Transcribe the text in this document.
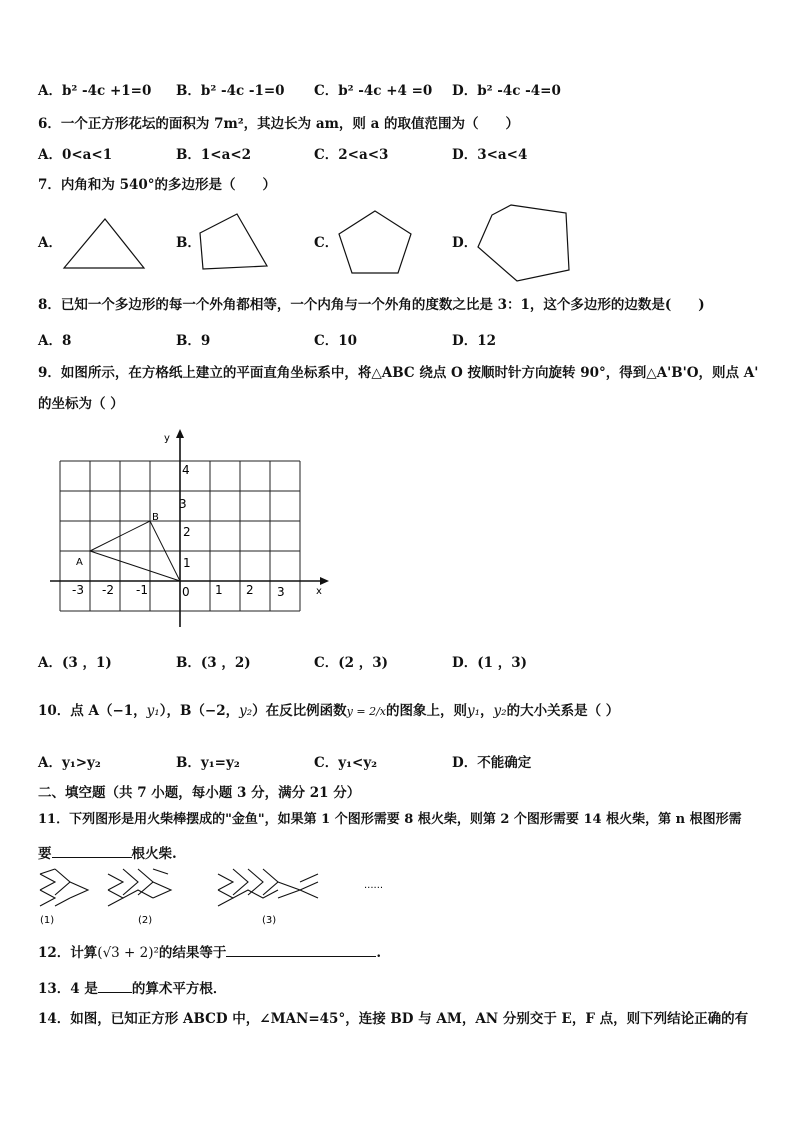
A．b² -4c +1=0 B．b² -4c -1=0 C．b² -4c +4 =0 D．b² -4c -4=0
6．一个正方形花坛的面积为 7m²，其边长为 am，则 a 的取值范围为（　　）
A．0<a<1	B．1<a<2	C．2<a<3	D．3<a<4
7．内角和为 540°的多边形是（　　）
A．	B．	C．	D．
8．已知一个多边形的每一个外角都相等，一个内角与一个外角的度数之比是 3：1，这个多边形的边数是(　　)
A．8	B．9	C．10	D．12
9．如图所示，在方格纸上建立的平面直角坐标系中，将△ABC 绕点 O 按顺时针方向旋转 90°，得到△A'B'O，则点 A'
的坐标为（ ）
x
y
-3 -2 -1	0 1 2 3
1
2
3
4
A
B
A．(3 ，1)	B．(3 ，2)	C．(2 ，3)	D．(1 ，3)
10．点 A（−1，y₁），B（−2，y₂）在反比例函数y = 2/x的图象上，则y₁，y₂的大小关系是（ ）
A．y₁>y₂	B．y₁=y₂	C．y₁<y₂	D．不能确定
二、填空题（共 7 小题，每小题 3 分，满分 21 分）
11．下列图形是用火柴棒摆成的"金鱼"，如果第 1 个图形需要 8 根火柴，则第 2 个图形需要 14 根火柴，第 n 根图形需
要	根火柴.
(1)	(2)	(3)
......
12．计算(√3 + 2)²的结果等于	.
13．4 是	的算术平方根．
14．如图，已知正方形 ABCD 中，∠MAN=45°，连接 BD 与 AM，AN 分别交于 E，F 点，则下列结论正确的有
